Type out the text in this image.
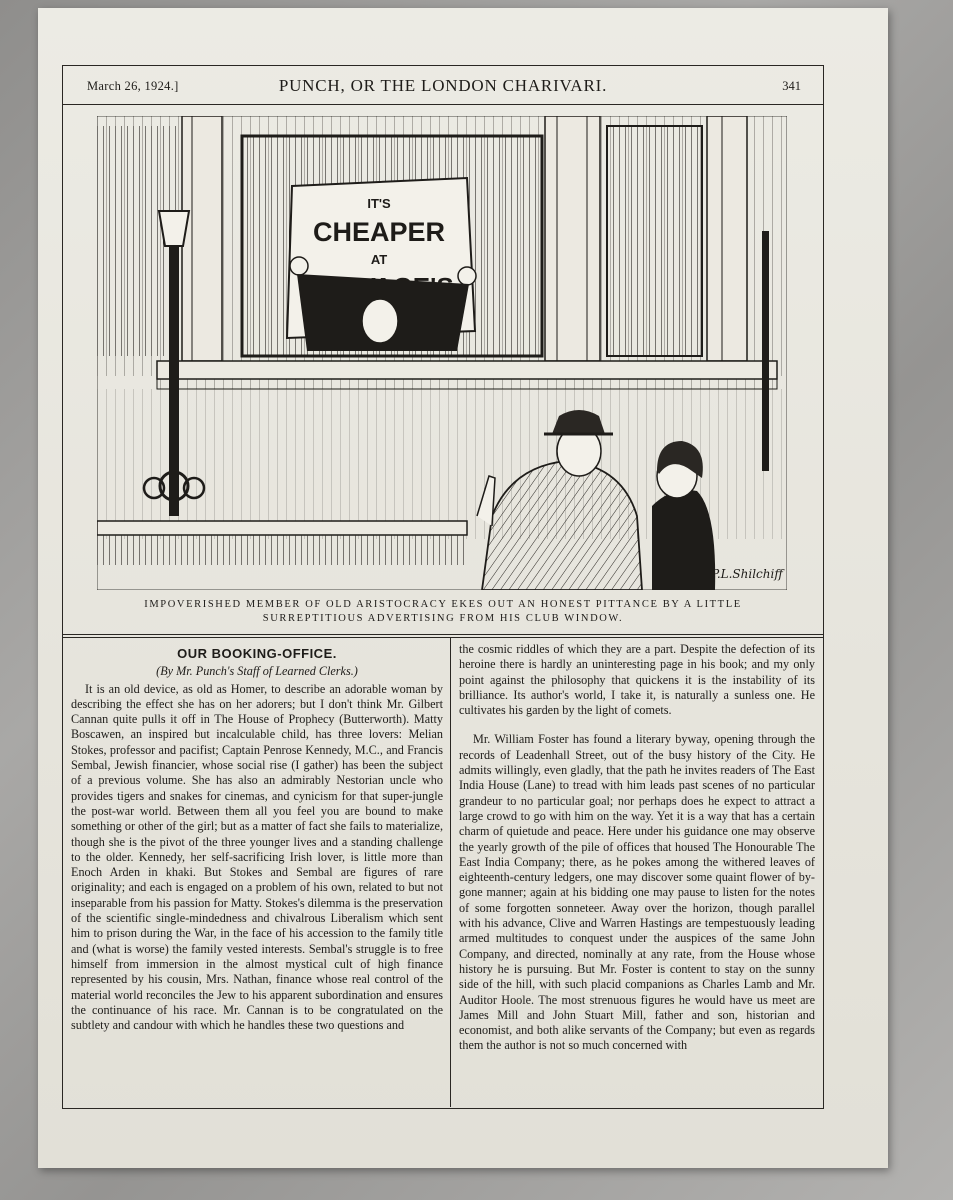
March 26, 1924.]	PUNCH, OR THE LONDON CHARIVARI.	341
IT'S
CHEAPER
AT
P.L.Shilchiff
IMPOVERISHED MEMBER OF OLD ARISTOCRACY EKES OUT AN HONEST PITTANCE BY A LITTLE
SURREPTITIOUS ADVERTISING FROM HIS CLUB WINDOW.
OUR BOOKING-OFFICE.
(By Mr. Punch's Staff of Learned Clerks.)

It is an old device, as old as Homer, to describe an adorable woman by describing the effect she has on her adorers; but I don't think Mr. Gilbert Cannan quite pulls it off in The House of Prophecy (Butterworth). Matty Boscawen, an inspired but incalculable child, has three lovers: Melian Stokes, professor and pacifist; Captain Penrose Kennedy, M.C., and Francis Sembal, Jewish financier, whose social rise (I gather) has been the subject of a previous volume. She has also an admirably Nestorian uncle who provides tigers and snakes for cinemas, and cynicism for that super-jungle the post-war world. Between them all you feel you are bound to make something or other of the girl; but as a matter of fact she fails to materialize, though she is the pivot of the three younger lives and a standing challenge to the older. Kennedy, her self-sacrificing Irish lover, is little more than Enoch Arden in khaki. But Stokes and Sembal are figures of rare originality; and each is engaged on a problem of his own, related to but not inseparable from his passion for Matty. Stokes's dilemma is the preservation of the scientific single-mindedness and chivalrous Liberalism which sent him to prison during the War, in the face of his accession to the family title and (what is worse) the family vested interests. Sembal's struggle is to free himself from immersion in the almost mystical cult of high finance represented by his cousin, Mrs. Nathan, finance whose real control of the material world reconciles the Jew to his apparent subordination and ensures the continuance of his race. Mr. Cannan is to be congratulated on the subtlety and candour with which he handles these two questions and

the cosmic riddles of which they are a part. Despite the defection of its heroine there is hardly an uninteresting page in his book; and my only point against the philosophy that quickens it is the instability of its brilliance. Its author's world, I take it, is naturally a sunless one. He cultivates his garden by the light of comets.

Mr. William Foster has found a literary byway, opening through the records of Leadenhall Street, out of the busy history of the City. He admits willingly, even gladly, that the path he invites readers of The East India House (Lane) to tread with him leads past scenes of no particular grandeur to no particular goal; nor perhaps does he expect to attract a large crowd to go with him on the way. Yet it is a way that has a certain charm of quietude and peace. Here under his guidance one may observe the yearly growth of the pile of offices that housed The Honourable The East India Company; there, as he pokes among the withered leaves of eighteenth-century ledgers, one may discover some quaint flower of by-gone manner; again at his bidding one may pause to listen for the notes of some forgotten sonneteer. Away over the horizon, though parallel with his advance, Clive and Warren Hastings are tempestuously leading armed multitudes to conquest under the auspices of the same John Company, and directed, nominally at any rate, from the House whose history he is pursuing. But Mr. Foster is content to stay on the sunny side of the hill, with such placid companions as Charles Lamb and Mr. Auditor Hoole. The most strenuous figures he would have us meet are James Mill and John Stuart Mill, father and son, historian and economist, and both alike servants of the Company; but even as regards them the author is not so much concerned with
